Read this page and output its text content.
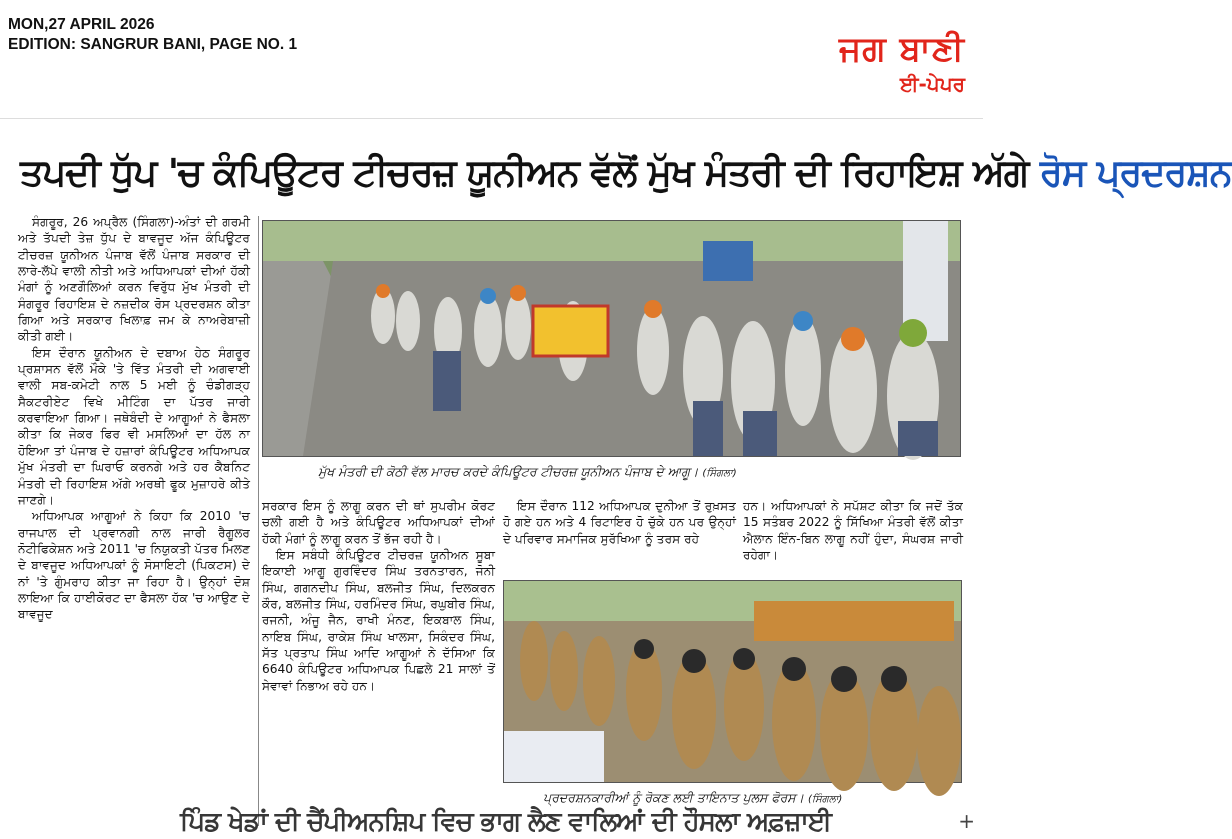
MON,27 APRIL 2026
EDITION: SANGRUR BANI, PAGE NO. 1	ਜਗ ਬਾਣੀ
ਈ-ਪੇਪਰ
ਤਪਦੀ ਧੁੱਪ 'ਚ ਕੰਪਿਊਟਰ ਟੀਚਰਜ਼ ਯੂਨੀਅਨ ਵੱਲੋਂ ਮੁੱਖ ਮੰਤਰੀ ਦੀ ਰਿਹਾਇਸ਼ ਅੱਗੇ ਰੋਸ ਪ੍ਰਦਰਸ਼ਨ

ਸੰਗਰੂਰ, 26 ਅਪ੍ਰੈਲ (ਸਿੰਗਲਾ)-ਅੰਤਾਂ ਦੀ ਗਰਮੀ ਅਤੇ ਤੱਪਦੀ ਤੇਜ਼ ਧੁੱਪ ਦੇ ਬਾਵਜੂਦ ਅੱਜ ਕੰਪਿਊਟਰ ਟੀਚਰਜ਼ ਯੂਨੀਅਨ ਪੰਜਾਬ ਵੱਲੋਂ ਪੰਜਾਬ ਸਰਕਾਰ ਦੀ ਲਾਰੇ-ਲੱਪੇ ਵਾਲੀ ਨੀਤੀ ਅਤੇ ਅਧਿਆਪਕਾਂ ਦੀਆਂ ਹੱਕੀ ਮੰਗਾਂ ਨੂੰ ਅਣਗੌਲਿਆਂ ਕਰਨ ਵਿਰੁੱਧ ਮੁੱਖ ਮੰਤਰੀ ਦੀ ਸੰਗਰੂਰ ਰਿਹਾਇਸ਼ ਦੇ ਨਜ਼ਦੀਕ ਰੋਸ ਪ੍ਰਦਰਸ਼ਨ ਕੀਤਾ ਗਿਆ ਅਤੇ ਸਰਕਾਰ ਖਿਲਾਫ਼ ਜਮ ਕੇ ਨਾਅਰੇਬਾਜ਼ੀ ਕੀਤੀ ਗਈ।

ਇਸ ਦੌਰਾਨ ਯੂਨੀਅਨ ਦੇ ਦਬਾਅ ਹੇਠ ਸੰਗਰੂਰ ਪ੍ਰਸ਼ਾਸਨ ਵੱਲੋਂ ਮੌਕੇ 'ਤੇ ਵਿੱਤ ਮੰਤਰੀ ਦੀ ਅਗਵਾਈ ਵਾਲੀ ਸਬ-ਕਮੇਟੀ ਨਾਲ 5 ਮਈ ਨੂੰ ਚੰਡੀਗੜ੍ਹ ਸੈਕਟਰੀਏਟ ਵਿਖੇ ਮੀਟਿੰਗ ਦਾ ਪੱਤਰ ਜਾਰੀ ਕਰਵਾਇਆ ਗਿਆ। ਜਥੇਬੰਦੀ ਦੇ ਆਗੂਆਂ ਨੇ ਫੈਸਲਾ ਕੀਤਾ ਕਿ ਜੇਕਰ ਫਿਰ ਵੀ ਮਸਲਿਆਂ ਦਾ ਹੱਲ ਨਾ ਹੋਇਆ ਤਾਂ ਪੰਜਾਬ ਦੇ ਹਜ਼ਾਰਾਂ ਕੰਪਿਊਟਰ ਅਧਿਆਪਕ ਮੁੱਖ ਮੰਤਰੀ ਦਾ ਘਿਰਾਓ ਕਰਨਗੇ ਅਤੇ ਹਰ ਕੈਬਨਿਟ ਮੰਤਰੀ ਦੀ ਰਿਹਾਇਸ਼ ਅੱਗੇ ਅਰਥੀ ਫੂਕ ਮੁਜ਼ਾਹਰੇ ਕੀਤੇ ਜਾਣਗੇ।

ਅਧਿਆਪਕ ਆਗੂਆਂ ਨੇ ਕਿਹਾ ਕਿ 2010 'ਚ ਰਾਜਪਾਲ ਦੀ ਪ੍ਰਵਾਨਗੀ ਨਾਲ ਜਾਰੀ ਰੈਗੂਲਰ ਨੋਟੀਫਿਕੇਸ਼ਨ ਅਤੇ 2011 'ਚ ਨਿਯੁਕਤੀ ਪੱਤਰ ਮਿਲਣ ਦੇ ਬਾਵਜੂਦ ਅਧਿਆਪਕਾਂ ਨੂੰ ਸੋਸਾਇਟੀ (ਪਿਕਟਸ) ਦੇ ਨਾਂ 'ਤੇ ਗੁੰਮਰਾਹ ਕੀਤਾ ਜਾ ਰਿਹਾ ਹੈ। ਉਨ੍ਹਾਂ ਦੋਸ਼ ਲਾਇਆ ਕਿ ਹਾਈਕੋਰਟ ਦਾ ਫੈਸਲਾ ਹੱਕ 'ਚ ਆਉਣ ਦੇ ਬਾਵਜੂਦ

ਮੁੱਖ ਮੰਤਰੀ ਦੀ ਕੋਠੀ ਵੱਲ ਮਾਰਚ ਕਰਦੇ ਕੰਪਿਊਟਰ ਟੀਚਰਜ਼ ਯੂਨੀਅਨ ਪੰਜਾਬ ਦੇ ਆਗੂ। (ਸਿੰਗਲਾ)

ਸਰਕਾਰ ਇਸ ਨੂੰ ਲਾਗੂ ਕਰਨ ਦੀ ਥਾਂ ਸੁਪਰੀਮ ਕੋਰਟ ਚਲੀ ਗਈ ਹੈ ਅਤੇ ਕੰਪਿਊਟਰ ਅਧਿਆਪਕਾਂ ਦੀਆਂ ਹੱਕੀ ਮੰਗਾਂ ਨੂੰ ਲਾਗੂ ਕਰਨ ਤੋਂ ਭੱਜ ਰਹੀ ਹੈ।

ਇਸ ਸਬੰਧੀ ਕੰਪਿਊਟਰ ਟੀਚਰਜ਼ ਯੂਨੀਅਨ ਸੂਬਾ ਇਕਾਈ ਆਗੂ ਗੁਰਵਿੰਦਰ ਸਿੰਘ ਤਰਨਤਾਰਨ, ਜੋਨੀ ਸਿੰਘ, ਗਗਨਦੀਪ ਸਿੰਘ, ਬਲਜੀਤ ਸਿੰਘ, ਦਿਲਕਰਨ ਕੌਰ, ਬਲਜੀਤ ਸਿੰਘ, ਹਰਮਿੰਦਰ ਸਿੰਘ, ਰਘੁਬੀਰ ਸਿੰਘ, ਰਜਨੀ, ਅੰਜੂ ਜੈਨ, ਰਾਖੀ ਮੰਨਣ, ਇਕਬਾਲ ਸਿੰਘ, ਨਾਇਬ ਸਿੰਘ, ਰਾਕੇਸ਼ ਸਿੰਘ ਖਾਲਸਾ, ਸਿਕੰਦਰ ਸਿੰਘ, ਸੱਤ ਪ੍ਰਤਾਪ ਸਿੰਘ ਆਦਿ ਆਗੂਆਂ ਨੇ ਦੱਸਿਆ ਕਿ 6640 ਕੰਪਿਊਟਰ ਅਧਿਆਪਕ ਪਿਛਲੇ 21 ਸਾਲਾਂ ਤੋਂ ਸੇਵਾਵਾਂ ਨਿਭਾਅ ਰਹੇ ਹਨ।

ਇਸ ਦੌਰਾਨ 112 ਅਧਿਆਪਕ ਦੁਨੀਆ ਤੋਂ ਰੁਖ਼ਸਤ ਹੋ ਗਏ ਹਨ ਅਤੇ 4 ਰਿਟਾਇਰ ਹੋ ਚੁੱਕੇ ਹਨ ਪਰ ਉਨ੍ਹਾਂ ਦੇ ਪਰਿਵਾਰ ਸਮਾਜਿਕ ਸੁਰੱਖਿਆ ਨੂੰ ਤਰਸ ਰਹੇ

ਹਨ। ਅਧਿਆਪਕਾਂ ਨੇ ਸਪੱਸ਼ਟ ਕੀਤਾ ਕਿ ਜਦੋਂ ਤੱਕ 15 ਸਤੰਬਰ 2022 ਨੂੰ ਸਿੱਖਿਆ ਮੰਤਰੀ ਵੱਲੋਂ ਕੀਤਾ ਐਲਾਨ ਇੰਨ-ਬਿਨ ਲਾਗੂ ਨਹੀਂ ਹੁੰਦਾ, ਸੰਘਰਸ਼ ਜਾਰੀ ਰਹੇਗਾ।

ਪ੍ਰਦਰਸ਼ਨਕਾਰੀਆਂ ਨੂੰ ਰੋਕਣ ਲਈ ਤਾਇਨਾਤ ਪੁਲਸ ਫੋਰਸ। (ਸਿੰਗਲਾ)
ਪਿੰਡ ਖੇਡਾਂ ਦੀ ਚੈਂਪੀਅਨਸ਼ਿਪ ਵਿਚ ਭਾਗ ਲੈਣ ਵਾਲਿਆਂ ਦੀ ਹੌਸਲਾ ਅਫ਼ਜ਼ਾਈ	+
